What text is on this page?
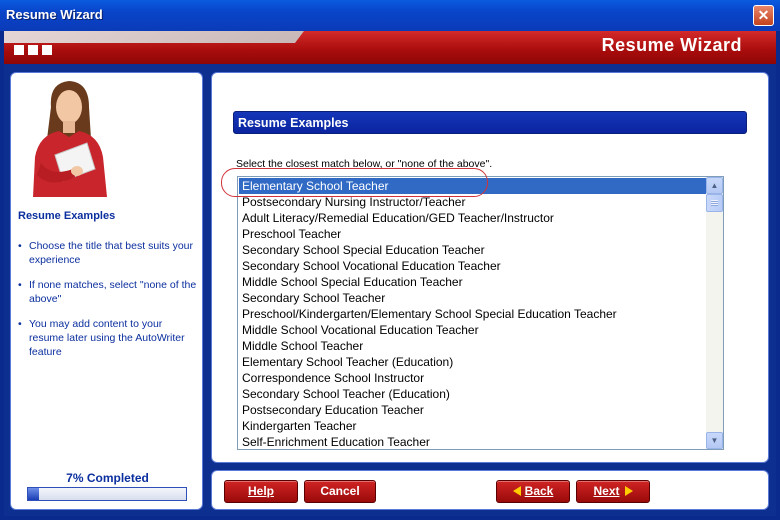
Resume Wizard	✕
Resume Wizard
Resume Examples
• Choose the title that best suits your experience
• If none matches, select "none of the above"
• You may add content to your resume later using the AutoWriter feature
7% Completed
Resume Examples
Select the closest match below, or "none of the above".
Self-Enrichment Education Teacher
Kindergarten Teacher
Postsecondary Education Teacher
Secondary School Teacher (Education)
Correspondence School Instructor
Elementary School Teacher (Education)
Middle School Teacher
Middle School Vocational Education Teacher
Preschool/Kindergarten/Elementary School Special Education Teacher
Secondary School Teacher
Middle School Special Education Teacher
Secondary School Vocational Education Teacher
Secondary School Special Education Teacher
Preschool Teacher
Adult Literacy/Remedial Education/GED Teacher/Instructor
Postsecondary Nursing Instructor/Teacher
Elementary School Teacher	▲
▼
Help	Cancel	Back	Next
